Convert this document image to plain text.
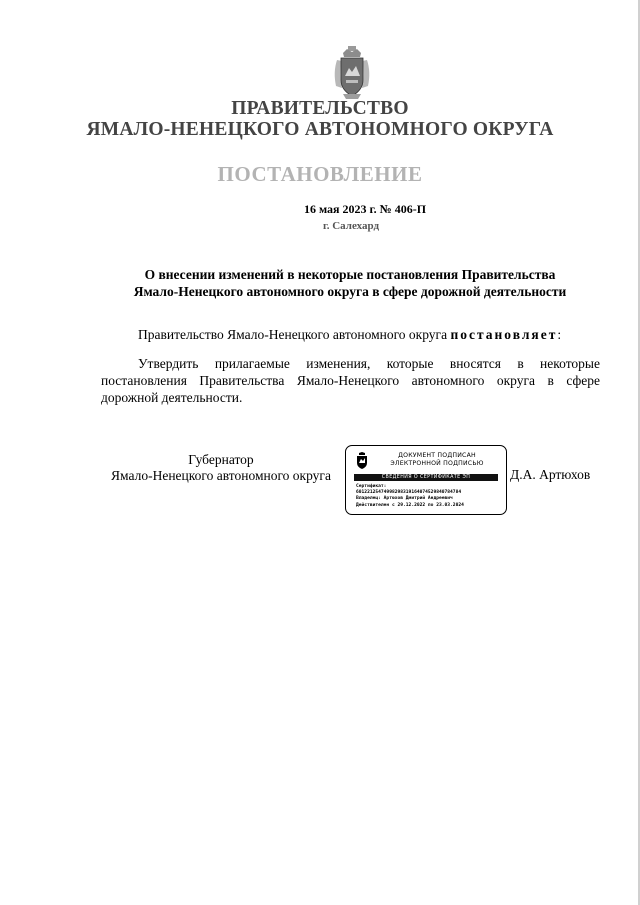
ПРАВИТЕЛЬСТВО
ЯМАЛО-НЕНЕЦКОГО АВТОНОМНОГО ОКРУГА
ПОСТАНОВЛЕНИЕ
16 мая 2023 г. № 406-П
г. Салехард
О внесении изменений в некоторые постановления Правительства
Ямало-Ненецкого автономного округа в сфере дорожной деятельности
Правительство Ямало-Ненецкого автономного округа постановляет:
Утвердить прилагаемые изменения, которые вносятся в некоторые постановления Правительства Ямало-Ненецкого автономного округа в сфере дорожной деятельности.
Губернатор
Ямало-Ненецкого автономного округа
ДОКУМЕНТ ПОДПИСАН
ЭЛЕКТРОННОЙ ПОДПИСЬЮ
СВЕДЕНИЯ О СЕРТИФИКАТЕ ЭП
Сертификат:
60122125474998298319164074529840784784
Владелец: Артюхов Дмитрий Андреевич
Действителен с 29.12.2022 по 23.03.2024
Д.А. Артюхов
